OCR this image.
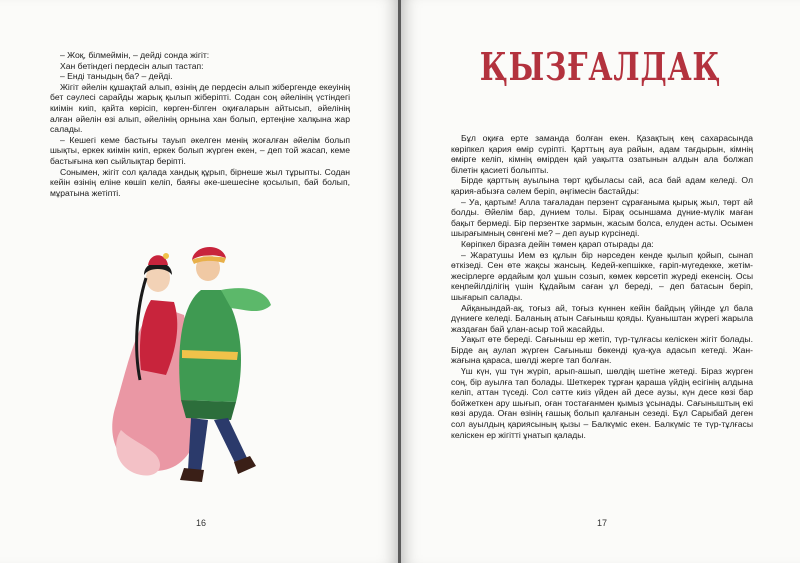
– Жоқ, білмеймін, – дейді сонда жігіт:

Хан бетіндегі пердесін алып тастап:

– Енді таныдың ба? – дейді.

Жігіт әйелін құшақтай алып, өзінің де пердесін алып жібергенде екеуінің бет сәулесі сарайды жарық қылып жіберіпті. Содан соң әйелінің үстіндегі киімін киіп, қайта көрісіп, көрген-білген оқиғаларын айтысып, әйелінің алған әйелін өзі алып, әйелінің орнына хан болып, ертеңіне халқына жар салады.

– Кешегі кеме бастығы тауып әкелген менің жоғалған әйелім болып шықты, еркек киімін киіп, еркек болып жүрген екен, – деп той жасап, кеме бастығына көп сыйлықтар беріпті.

Сонымен, жігіт сол қалада хандық құрып, бірнеше жыл тұрыпты. Содан кейін өзінің еліне көшіп келіп, баяғы әке-шешесіне қосылып, бай болып, мұратына жетіпті.

16
ҚЫЗҒАЛДАҚ

Бұл оқиға ерте заманда болған екен. Қазақтың кең сахарасында көріпкел қария өмір сүріпті. Қарттың ауа райын, адам тағдырын, кімнің өміргe келіп, кімнің өмірден қай уақытта озатынын алдын ала болжап білетін қасиеті болыпты.

Бірде қарттың ауылына төрт құбыласы сай, аса бай адам келеді. Ол қария-абызға сәлем беріп, әңгімесін бастайды:

– Уа, қартым! Алла тағаладан перзент сұрағаныма қырық жыл, төрт ай болды. Әйелім бар, дүнием толы. Бірақ осыншама дүние-мүлік маған бақыт бермеді. Бір перзентке зармын, жасым болса, елуден асты. Осымен шырағымның сөнгені ме? – деп ауыр күрсінеді.

Көріпкел біразға дейін төмен қарап отырады да:

– Жаратушы Ием өз құлын бір нәрседен кенде қылып қойып, сынап өткізеді. Сен өте жақсы жансың. Кедей-кепшікке, ғаріп-мүгедекке, жетім-жесірлерге әрдайым қол ұшын созып, көмек көрсетіп жүреді екенсің. Осы кеңпейілділігің үшін Құдайым саған ұл береді, – деп батасын беріп, шығарып салады.

Айқанындай-ақ, тоғыз ай, тоғыз күннен кейін байдың үйінде ұл бала дүниеге келеді. Баланың атын Сағыныш қояды. Қуаныштан жүрегі жарыла жаздаған бай ұлан-асыр той жасайды.

Уақыт өте береді. Сағыныш ер жетіп, түр-тұлғасы келіскен жігіт болады. Бірде аң аулап жүрген Сағыныш бөкенді қуа-қуа адасып кетеді. Жан-жағына қараса, шөлді жерге тап болған.

Үш күн, үш түн жүріп, арып-ашып, шөлдің шетіне жетеді. Біраз жүрген соң, бір ауылға тап болады. Шеткерек тұрған қараша үйдің есігінің алдына келіп, аттан түседі. Сол сәтте киіз үйден ай десе аузы, күн десе көзі бар бойжеткен ару шығып, оған тостағанмен қымыз ұсынады. Сағыныштың екі көзі аруда. Оған өзінің ғашық болып қалғанын сезеді. Бұл Сарыбай деген сол ауылдың қариясының қызы – Балкүміс екен. Балкүміс те түр-тұлғасы келіскен ер жігітті ұнатып қалады.

17
